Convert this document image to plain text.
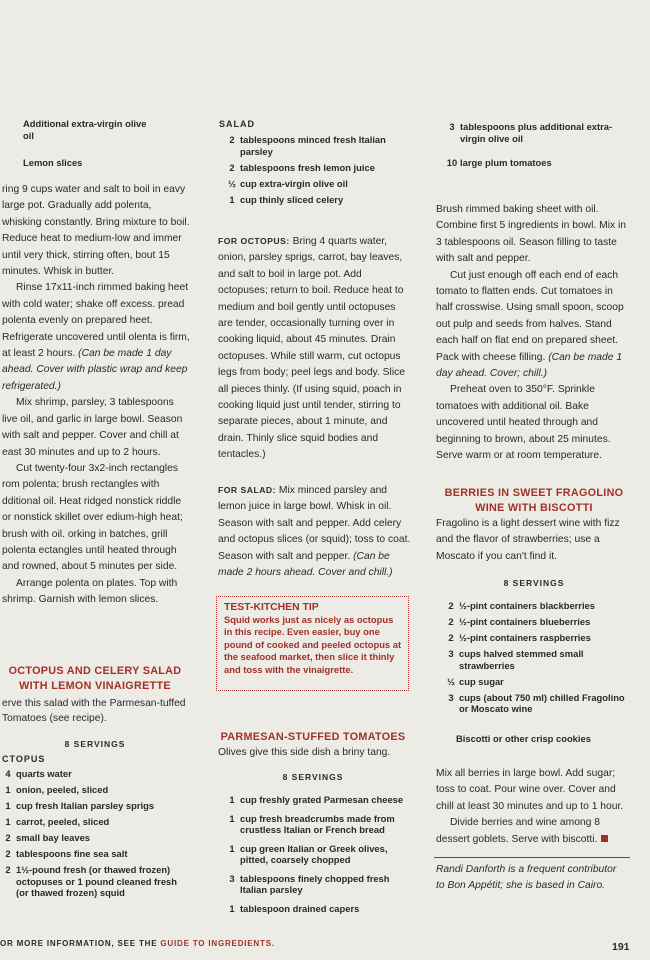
Additional extra-virgin olive oil
Lemon slices

ring 9 cups water and salt to boil in eavy large pot. Gradually add polenta, whisking constantly. Bring mixture to boil. Reduce heat to medium-low and immer until very thick, stirring often, bout 15 minutes. Whisk in butter.

Rinse 17x11-inch rimmed baking heet with cold water; shake off excess. pread polenta evenly on prepared heet. Refrigerate uncovered until olenta is firm, at least 2 hours. (Can be made 1 day ahead. Cover with plastic wrap and keep refrigerated.)

Mix shrimp, parsley, 3 tablespoons live oil, and garlic in large bowl. Season with salt and pepper. Cover and chill at east 30 minutes and up to 2 hours.

Cut twenty-four 3x2-inch rectangles rom polenta; brush rectangles with dditional oil. Heat ridged nonstick riddle or nonstick skillet over edium-high heat; brush with oil. orking in batches, grill polenta ectangles until heated through and rowned, about 5 minutes per side.

Arrange polenta on plates. Top with shrimp. Garnish with lemon slices.

OCTOPUS AND CELERY SALAD WITH LEMON VINAIGRETTE
erve this salad with the Parmesan-tuffed Tomatoes (see recipe).
8 SERVINGS
CTOPUS
4 quarts water
1 onion, peeled, sliced
1 cup fresh Italian parsley sprigs
1 carrot, peeled, sliced
2 small bay leaves
2 tablespoons fine sea salt
2 1½-pound fresh (or thawed frozen) octopuses or 1 pound cleaned fresh (or thawed frozen) squid
SALAD
2 tablespoons minced fresh Italian parsley
2 tablespoons fresh lemon juice
½ cup extra-virgin olive oil
1 cup thinly sliced celery
FOR OCTOPUS: Bring 4 quarts water, onion, parsley sprigs, carrot, bay leaves, and salt to boil in large pot. Add octopuses; return to boil. Reduce heat to medium and boil gently until octopuses are tender, occasionally turning over in cooking liquid, about 45 minutes. Drain octopuses. While still warm, cut octopus legs from body; peel legs and body. Slice all pieces thinly. (If using squid, poach in cooking liquid just until tender, stirring to separate pieces, about 1 minute, and drain. Thinly slice squid bodies and tentacles.)
FOR SALAD: Mix minced parsley and lemon juice in large bowl. Whisk in oil. Season with salt and pepper. Add celery and octopus slices (or squid); toss to coat. Season with salt and pepper. (Can be made 2 hours ahead. Cover and chill.)
TEST-KITCHEN TIP
Squid works just as nicely as octopus in this recipe. Even easier, buy one pound of cooked and peeled octopus at the seafood market, then slice it thinly and toss with the vinaigrette.
PARMESAN-STUFFED TOMATOES
Olives give this side dish a briny tang.
8 SERVINGS
1 cup freshly grated Parmesan cheese
1 cup fresh breadcrumbs made from crustless Italian or French bread
1 cup green Italian or Greek olives, pitted, coarsely chopped
3 tablespoons finely chopped fresh Italian parsley
1 tablespoon drained capers
3 tablespoons plus additional extra-virgin olive oil
10 large plum tomatoes

Brush rimmed baking sheet with oil. Combine first 5 ingredients in bowl. Mix in 3 tablespoons oil. Season filling to taste with salt and pepper.

Cut just enough off each end of each tomato to flatten ends. Cut tomatoes in half crosswise. Using small spoon, scoop out pulp and seeds from halves. Stand each half on flat end on prepared sheet. Pack with cheese filling. (Can be made 1 day ahead. Cover; chill.)

Preheat oven to 350°F. Sprinkle tomatoes with additional oil. Bake uncovered until heated through and beginning to brown, about 25 minutes. Serve warm or at room temperature.

BERRIES IN SWEET FRAGOLINO WINE WITH BISCOTTI
Fragolino is a light dessert wine with fizz and the flavor of strawberries; use a Moscato if you can't find it.
8 SERVINGS
2 ½-pint containers blackberries
2 ½-pint containers blueberries
2 ½-pint containers raspberries
3 cups halved stemmed small strawberries
½ cup sugar
3 cups (about 750 ml) chilled Fragolino or Moscato wine
Biscotti or other crisp cookies

Mix all berries in large bowl. Add sugar; toss to coat. Pour wine over. Cover and chill at least 30 minutes and up to 1 hour.

Divide berries and wine among 8 dessert goblets. Serve with biscotti.

Randi Danforth is a frequent contributor to Bon Appétit; she is based in Cairo.
OR MORE INFORMATION, SEE THE GUIDE TO INGREDIENTS.	191
